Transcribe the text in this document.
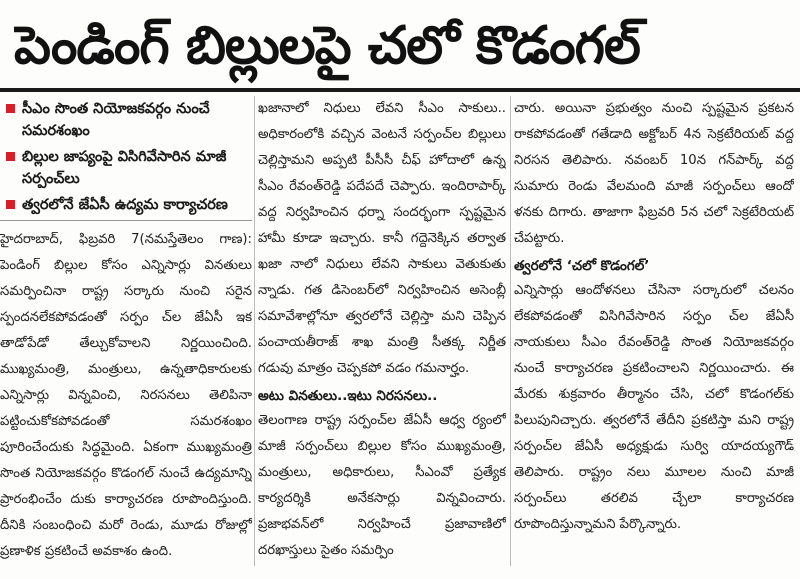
పెండింగ్ బిల్లులపై చలో కొడంగల్
సీఎం సొంత నియోజకవర్గం నుంచే సమరశంఖం
బిల్లుల జాప్యంపై విసిగివేసారిన మాజీ సర్పంచ్‌లు
త్వరలోనే జేఏసీ ఉద్యమ కార్యాచరణ
హైదరాబాద్, ఫిబ్రవరి 7(నమస్తేతెలం గాణ): పెండింగ్ బిల్లుల కోసం ఎన్నిసార్లు వినతులు సమర్పించినా రాష్ట్ర సర్కారు నుంచి సరైన స్పందనలేకపోవడంతో సర్పం చ్‌ల జేఏసీ ఇక తాడోపేడో తేల్చుకోవాలని నిర్ణయించింది. ముఖ్యమంత్రి, మంత్రులు, ఉన్నతాధికారులకు ఎన్నిసార్లు విన్నవించి, నిరసనలు తెలిపినా పట్టించుకోకపోవడంతో సమరశంఖం పూరించేందుకు సిద్ధమైంది. ఏకంగా ముఖ్యమంత్రి సొంత నియోజకవర్గం కొడంగల్ నుంచే ఉద్యమాన్ని ప్రారంభించేం దుకు కార్యాచరణ రూపొందిస్తుంది. దీనికి సంబంధించి మరో రెండు, మూడు రోజుల్లో ప్రణాళిక ప్రకటించే అవకాశం ఉంది.
ఖజానాలో నిధులు లేవని సీఎం సాకులు.. అధికారంలోకి వచ్చిన వెంటనే సర్పంచ్‌ల బిల్లులు చెల్లిస్తామని అప్పటి పీసీసీ చీఫ్ హోదాలో ఉన్న సీఎం రేవంత్‌రెడ్డి పదేపదే చెప్పారు. ఇందిరాపార్క్ వద్ద నిర్వహించిన ధర్నా సందర్భంగా స్పష్టమైన హామీ కూడా ఇచ్చారు. కానీ గద్దెనెక్కిన తర్వాత ఖజా నాలో నిధులు లేవని సాకులు వెతుకుతు న్నాడు. గత డిసెంబర్‌లో నిర్వహించిన అసెంబ్లీ సమావేశాల్లోనూ త్వరలోనే చెల్లిస్తా మని చెప్పిన పంచాయతీరాజ్ శాఖ మంత్రి సీతక్క నిర్ణీత గడువు మాత్రం చెప్పకపో వడం గమనార్హం.
అటు వినతులు..ఇటు నిరసనలు..
తెలంగాణ రాష్ట్ర సర్పంచ్‌ల జేఏసీ ఆధ్వ ర్యంలో మాజీ సర్పంచ్‌లు బిల్లుల కోసం ముఖ్యమంత్రి, మంత్రులు, అధికారులు, సీఎంవో ప్రత్యేక కార్యదర్శికి అనేకసార్లు విన్నవించారు. ప్రజాభవన్‌లో నిర్వహించే ప్రజావాణిలో దరఖాస్తులు సైతం సమర్పిం
చారు. అయినా ప్రభుత్వం నుంచి స్పష్టమైన ప్రకటన రాకపోవడంతో గతేడాది అక్టోబర్ 4న సెక్రటేరియట్ వద్ద నిరసన తెలిపారు. నవంబర్ 10న గన్‌పార్క్ వద్ద సుమారు రెండు వేలమంది మాజీ సర్పంచ్‌లు ఆందో ళనకు దిగారు. తాజాగా ఫిబ్రవరి 5న చలో సెక్రటేరియట్ చేపట్టారు.
త్వరలోనే ‘చలో కొడంగల్’
ఎన్నిసార్లు ఆందోళనలు చేసినా సర్కారులో చలనం లేకపోవడంతో విసిగివేసారిన సర్పం చ్‌ల జేఏసీ నాయకులు సీఎం రేవంత్‌రెడ్డి సొంత నియోజకవర్గం నుంచే కార్యాచరణ ప్రకటించాలని నిర్ణయించారు. ఈ మేరకు శుక్రవారం తీర్మానం చేసి, చలో కొడంగల్‌కు పిలుపునిచ్చారు. త్వరలోనే తేదీని ప్రకటిస్తా మని రాష్ట్ర సర్పంచ్‌ల జేఏసీ అధ్యక్షుడు సుర్వి యాదయ్యగౌడ్ తెలిపారు. రాష్ట్రం నలు మూలల నుంచి మాజీ సర్పంచ్‌లు తరలివ చ్చేలా కార్యాచరణ రూపొందిస్తున్నామని పేర్కొన్నారు.
